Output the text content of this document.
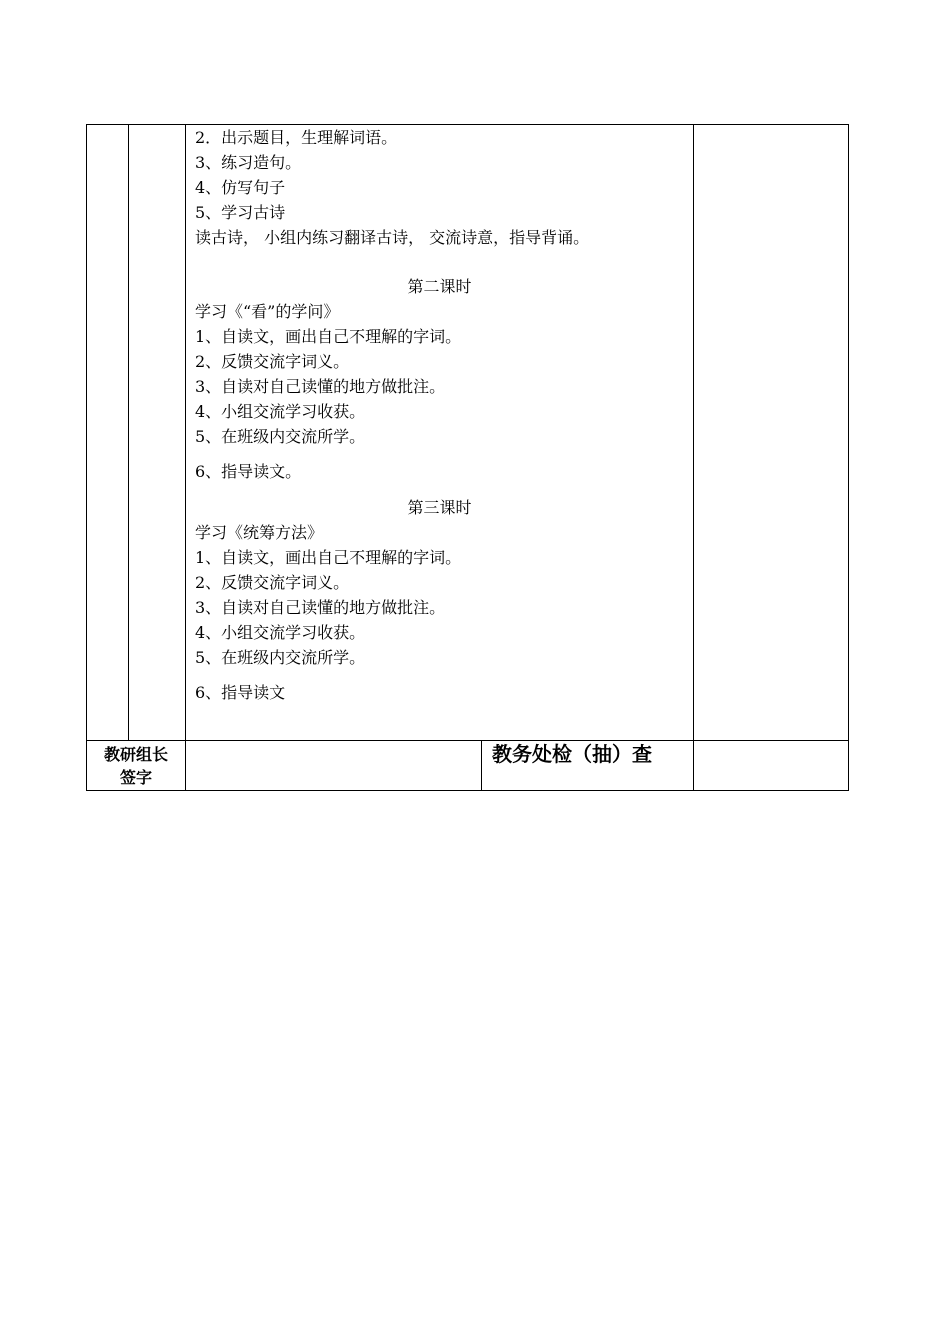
2．出示题目，生理解词语。
3、练习造句。
4、仿写句子
5、学习古诗
读古诗， 小组内练习翻译古诗， 交流诗意，指导背诵。
第二课时
学习《“看”的学问》
1、自读文，画出自己不理解的字词。
2、反馈交流字词义。
3、自读对自己读懂的地方做批注。
4、小组交流学习收获。
5、在班级内交流所学。
6、指导读文。
第三课时
学习《统筹方法》
1、自读文，画出自己不理解的字词。
2、反馈交流字词义。
3、自读对自己读懂的地方做批注。
4、小组交流学习收获。
5、在班级内交流所学。
6、指导读文
教研组长
签字
教务处检（抽）查
